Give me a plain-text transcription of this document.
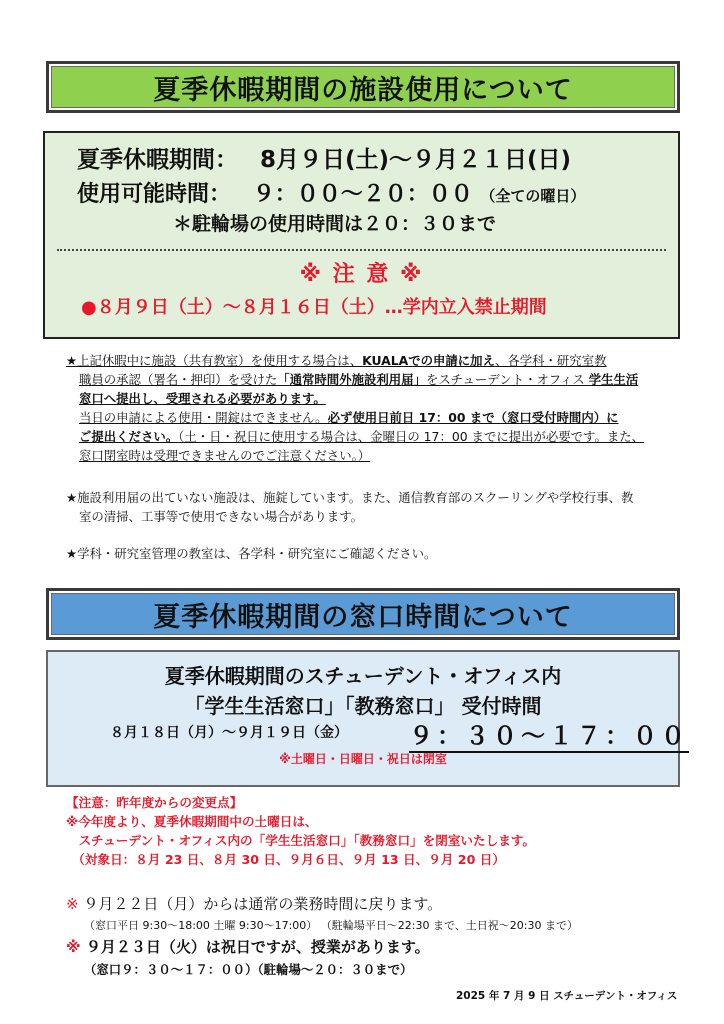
夏季休暇期間の施設使用について
夏季休暇期間： 8月９日(土)～９月２１日(日)
使用可能時間： ９：００～２０：００ （全ての曜日）
＊駐輪場の使用時間は２０：３０まで
※ 注 意 ※
●８月９日（土）～８月１６日（土）…学内立入禁止期間

★上記休暇中に施設（共有教室）を使用する場合は、KUALAでの申請に加え、各学科・研究室教

職員の承認（署名・押印）を受けた「通常時間外施設利用届」をスチューデント・オフィス 学生生活

窓口へ提出し、受理される必要があります。

当日の申請による使用・開錠はできません。必ず使用日前日 17：00 まで（窓口受付時間内）に

ご提出ください。（土・日・祝日に使用する場合は、金曜日の 17：00 までに提出が必要です。また、

窓口閉室時は受理できませんのでご注意ください。）

★施設利用届の出ていない施設は、施錠しています。また、通信教育部のスクーリングや学校行事、教
室の清掃、工事等で使用できない場合があります。
★学科・研究室管理の教室は、各学科・研究室にご確認ください。
夏季休暇期間の窓口時間について
夏季休暇期間のスチューデント・オフィス内
「学生生活窓口」「教務窓口」 受付時間
８月１８日（月）～９月１９日（金）	９：３０～１７：００
※土曜日・日曜日・祝日は閉室

【注意：昨年度からの変更点】

※今年度より、夏季休暇期間中の土曜日は、

　スチューデント・オフィス内の「学生生活窓口」「教務窓口」を閉室いたします。

　（対象日：８月 23 日、８月 30 日、９月６日、９月 13 日、９月 20 日）

※ ９月２２日（月）からは通常の業務時間に戻ります。
（窓口平日 9:30～18:00 土曜 9:30～17:00） （駐輪場平日～22:30 まで、土日祝～20:30 まで）
※ ９月２３日（火）は祝日ですが、授業があります。
（窓口９：３０～１７：００）（駐輪場～２０：３０まで）
2025 年 7 月 9 日 スチューデント・オフィス
